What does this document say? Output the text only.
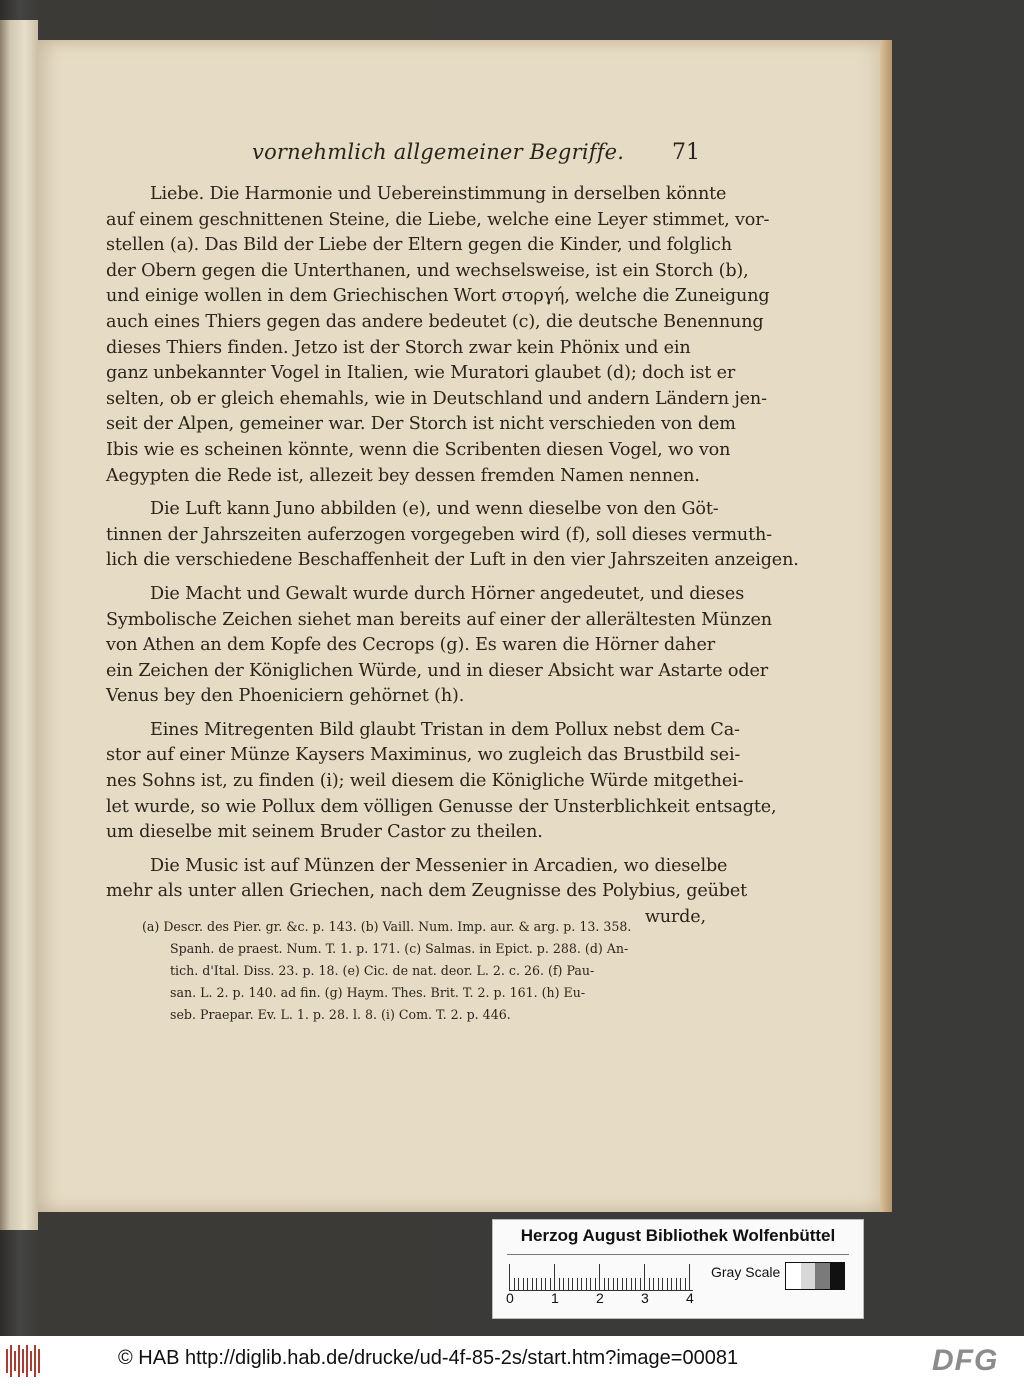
vornehmlich allgemeiner Begriffe. 71
Liebe. Die Harmonie und Uebereinstimmung in derselben könnte
auf einem geschnittenen Steine, die Liebe, welche eine Leyer stimmet, vor-
stellen (a). Das Bild der Liebe der Eltern gegen die Kinder, und folglich
der Obern gegen die Unterthanen, und wechselsweise, ist ein Storch (b),
und einige wollen in dem Griechischen Wort στοργή, welche die Zuneigung
auch eines Thiers gegen das andere bedeutet (c), die deutsche Benennung
dieses Thiers finden. Jetzo ist der Storch zwar kein Phönix und ein
ganz unbekannter Vogel in Italien, wie Muratori glaubet (d); doch ist er
selten, ob er gleich ehemahls, wie in Deutschland und andern Ländern jen-
seit der Alpen, gemeiner war. Der Storch ist nicht verschieden von dem
Ibis wie es scheinen könnte, wenn die Scribenten diesen Vogel, wo von
Aegypten die Rede ist, allezeit bey dessen fremden Namen nennen.
Die Luft kann Juno abbilden (e), und wenn dieselbe von den Göt-
tinnen der Jahrszeiten auferzogen vorgegeben wird (f), soll dieses vermuth-
lich die verschiedene Beschaffenheit der Luft in den vier Jahrszeiten anzeigen.
Die Macht und Gewalt wurde durch Hörner angedeutet, und dieses
Symbolische Zeichen siehet man bereits auf einer der allerältesten Münzen
von Athen an dem Kopfe des Cecrops (g). Es waren die Hörner daher
ein Zeichen der Königlichen Würde, und in dieser Absicht war Astarte oder
Venus bey den Phoeniciern gehörnet (h).
Eines Mitregenten Bild glaubt Tristan in dem Pollux nebst dem Ca-
stor auf einer Münze Kaysers Maximinus, wo zugleich das Brustbild sei-
nes Sohns ist, zu finden (i); weil diesem die Königliche Würde mitgethei-
let wurde, so wie Pollux dem völligen Genusse der Unsterblichkeit entsagte,
um dieselbe mit seinem Bruder Castor zu theilen.
Die Music ist auf Münzen der Messenier in Arcadien, wo dieselbe
mehr als unter allen Griechen, nach dem Zeugnisse des Polybius, geübet
wurde,
(a) Descr. des Pier. gr. &c. p. 143. (b) Vaill. Num. Imp. aur. & arg. p. 13. 358.
Spanh. de praest. Num. T. 1. p. 171. (c) Salmas. in Epict. p. 288. (d) An-
tich. d'Ital. Diss. 23. p. 18. (e) Cic. de nat. deor. L. 2. c. 26. (f) Pau-
san. L. 2. p. 140. ad fin. (g) Haym. Thes. Brit. T. 2. p. 161. (h) Eu-
seb. Praepar. Ev. L. 1. p. 28. l. 8. (i) Com. T. 2. p. 446.
Herzog August Bibliothek Wolfenbüttel
0	1	2	3	4
Gray Scale
© HAB http://diglib.hab.de/drucke/ud-4f-85-2s/start.htm?image=00081	DFG
